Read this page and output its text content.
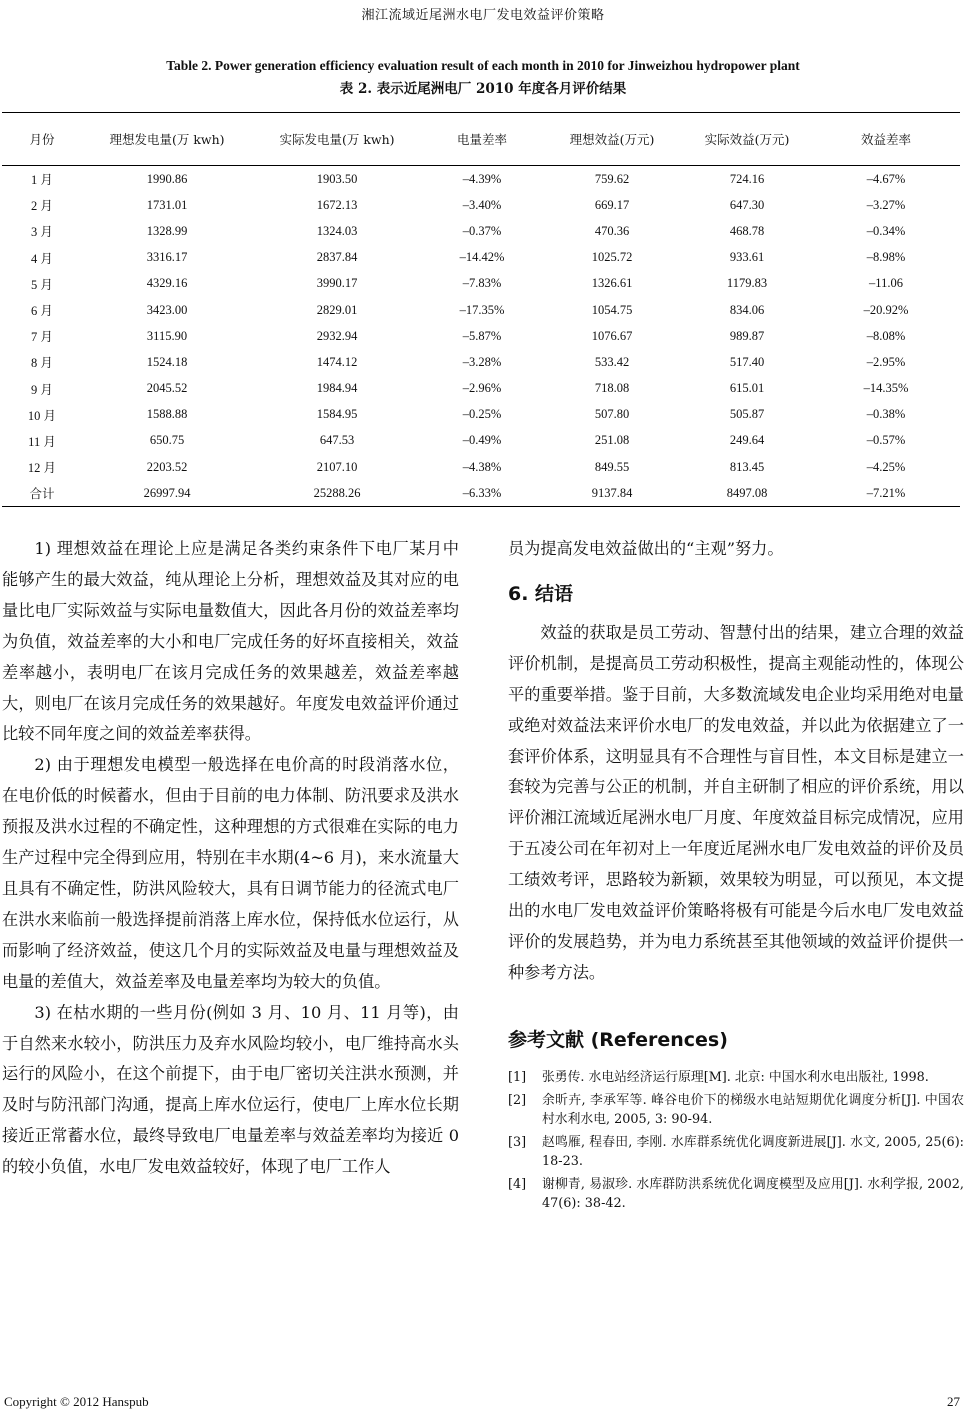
湘江流域近尾洲水电厂发电效益评价策略
Table 2. Power generation efficiency evaluation result of each month in 2010 for Jinweizhou hydropower plant
表 2. 表示近尾洲电厂 2010 年度各月评价结果
月份	理想发电量(万 kwh)	实际发电量(万 kwh)	电量差率	理想效益(万元)	实际效益(万元)	效益差率
1 月	1990.86	1903.50	–4.39%	759.62	724.16	–4.67%
2 月	1731.01	1672.13	–3.40%	669.17	647.30	–3.27%
3 月	1328.99	1324.03	–0.37%	470.36	468.78	–0.34%
4 月	3316.17	2837.84	–14.42%	1025.72	933.61	–8.98%
5 月	4329.16	3990.17	–7.83%	1326.61	1179.83	–11.06
6 月	3423.00	2829.01	–17.35%	1054.75	834.06	–20.92%
7 月	3115.90	2932.94	–5.87%	1076.67	989.87	–8.08%
8 月	1524.18	1474.12	–3.28%	533.42	517.40	–2.95%
9 月	2045.52	1984.94	–2.96%	718.08	615.01	–14.35%
10 月	1588.88	1584.95	–0.25%	507.80	505.87	–0.38%
11 月	650.75	647.53	–0.49%	251.08	249.64	–0.57%
12 月	2203.52	2107.10	–4.38%	849.55	813.45	–4.25%
合计	26997.94	25288.26	–6.33%	9137.84	8497.08	–7.21%

1) 理想效益在理论上应是满足各类约束条件下电厂某月中能够产生的最大效益，纯从理论上分析，理想效益及其对应的电量比电厂实际效益与实际电量数值大，因此各月份的效益差率均为负值，效益差率的大小和电厂完成任务的好坏直接相关，效益差率越小，表明电厂在该月完成任务的效果越差，效益差率越大，则电厂在该月完成任务的效果越好。年度发电效益评价通过比较不同年度之间的效益差率获得。

2) 由于理想发电模型一般选择在电价高的时段消落水位，在电价低的时候蓄水，但由于目前的电力体制、防汛要求及洪水预报及洪水过程的不确定性，这种理想的方式很难在实际的电力生产过程中完全得到应用，特别在丰水期(4~6 月)，来水流量大且具有不确定性，防洪风险较大，具有日调节能力的径流式电厂在洪水来临前一般选择提前消落上库水位，保持低水位运行，从而影响了经济效益，使这几个月的实际效益及电量与理想效益及电量的差值大，效益差率及电量差率均为较大的负值。

3) 在枯水期的一些月份(例如 3 月、10 月、11 月等)，由于自然来水较小，防洪压力及弃水风险均较小，电厂维持高水头运行的风险小，在这个前提下，由于电厂密切关注洪水预测，并及时与防汛部门沟通，提高上库水位运行，使电厂上库水位长期接近正常蓄水位，最终导致电厂电量差率与效益差率均为接近 0 的较小负值，水电厂发电效益较好，体现了电厂工作人

员为提高发电效益做出的“主观”努力。

6. 结语

效益的获取是员工劳动、智慧付出的结果，建立合理的效益评价机制，是提高员工劳动积极性，提高主观能动性的，体现公平的重要举措。鉴于目前，大多数流域发电企业均采用绝对电量或绝对效益法来评价水电厂的发电效益，并以此为依据建立了一套评价体系，这明显具有不合理性与盲目性，本文目标是建立一套较为完善与公正的机制，并自主研制了相应的评价系统，用以评价湘江流域近尾洲水电厂月度、年度效益目标完成情况，应用于五凌公司在年初对上一年度近尾洲水电厂发电效益的评价及员工绩效考评，思路较为新颖，效果较为明显，可以预见，本文提出的水电厂发电效益评价策略将极有可能是今后水电厂发电效益评价的发展趋势，并为电力系统甚至其他领域的效益评价提供一种参考方法。

参考文献 (References)
[1]	张勇传. 水电站经济运行原理[M]. 北京: 中国水利水电出版社, 1998.
[2]	余昕卉, 李承军等. 峰谷电价下的梯级水电站短期优化调度分析[J]. 中国农村水利水电, 2005, 3: 90-94.
[3]	赵鸣雁, 程春田, 李刚. 水库群系统优化调度新进展[J]. 水文, 2005, 25(6): 18-23.
[4]	谢柳青, 易淑珍. 水库群防洪系统优化调度模型及应用[J]. 水利学报, 2002, 47(6): 38-42.
Copyright © 2012 Hanspub	27
